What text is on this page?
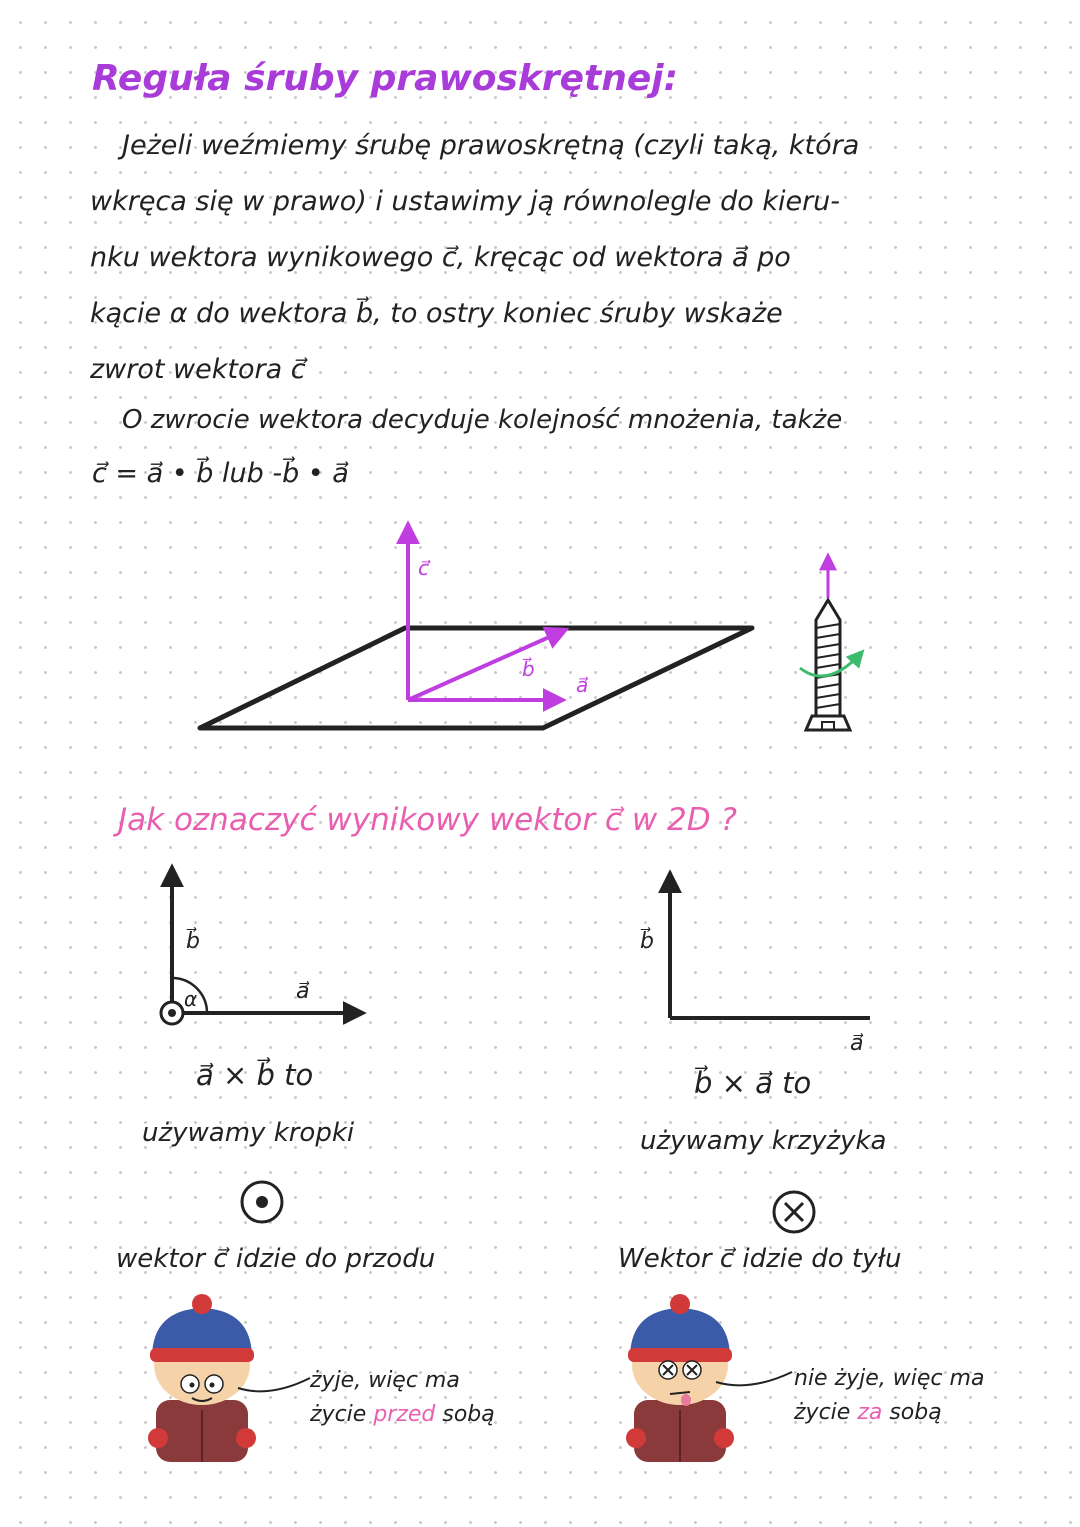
Reguła śruby prawoskrętnej:
Jeżeli weźmiemy śrubę prawoskrętną (czyli taką, która
wkręca się w prawo) i ustawimy ją równolegle do kieru-
nku wektora wynikowego c⃗, kręcąc od wektora a⃗ po
kącie α do wektora b⃗, to ostry koniec śruby wskaże
zwrot wektora c⃗
O zwrocie wektora decyduje kolejność mnożenia, także
c⃗ = a⃗ • b⃗ lub -b⃗ • a⃗
Jak oznaczyć wynikowy wektor c⃗ w 2D ?
a⃗ × b⃗ to
używamy kropki
wektor c⃗ idzie do przodu
żyje, więc ma
życie przed sobą
b⃗ × a⃗ to
używamy krzyżyka
Wektor c⃗ idzie do tyłu
nie żyje, więc ma
życie za sobą
c⃗
b⃗
a⃗
b⃗
a⃗
α
b⃗
a⃗
